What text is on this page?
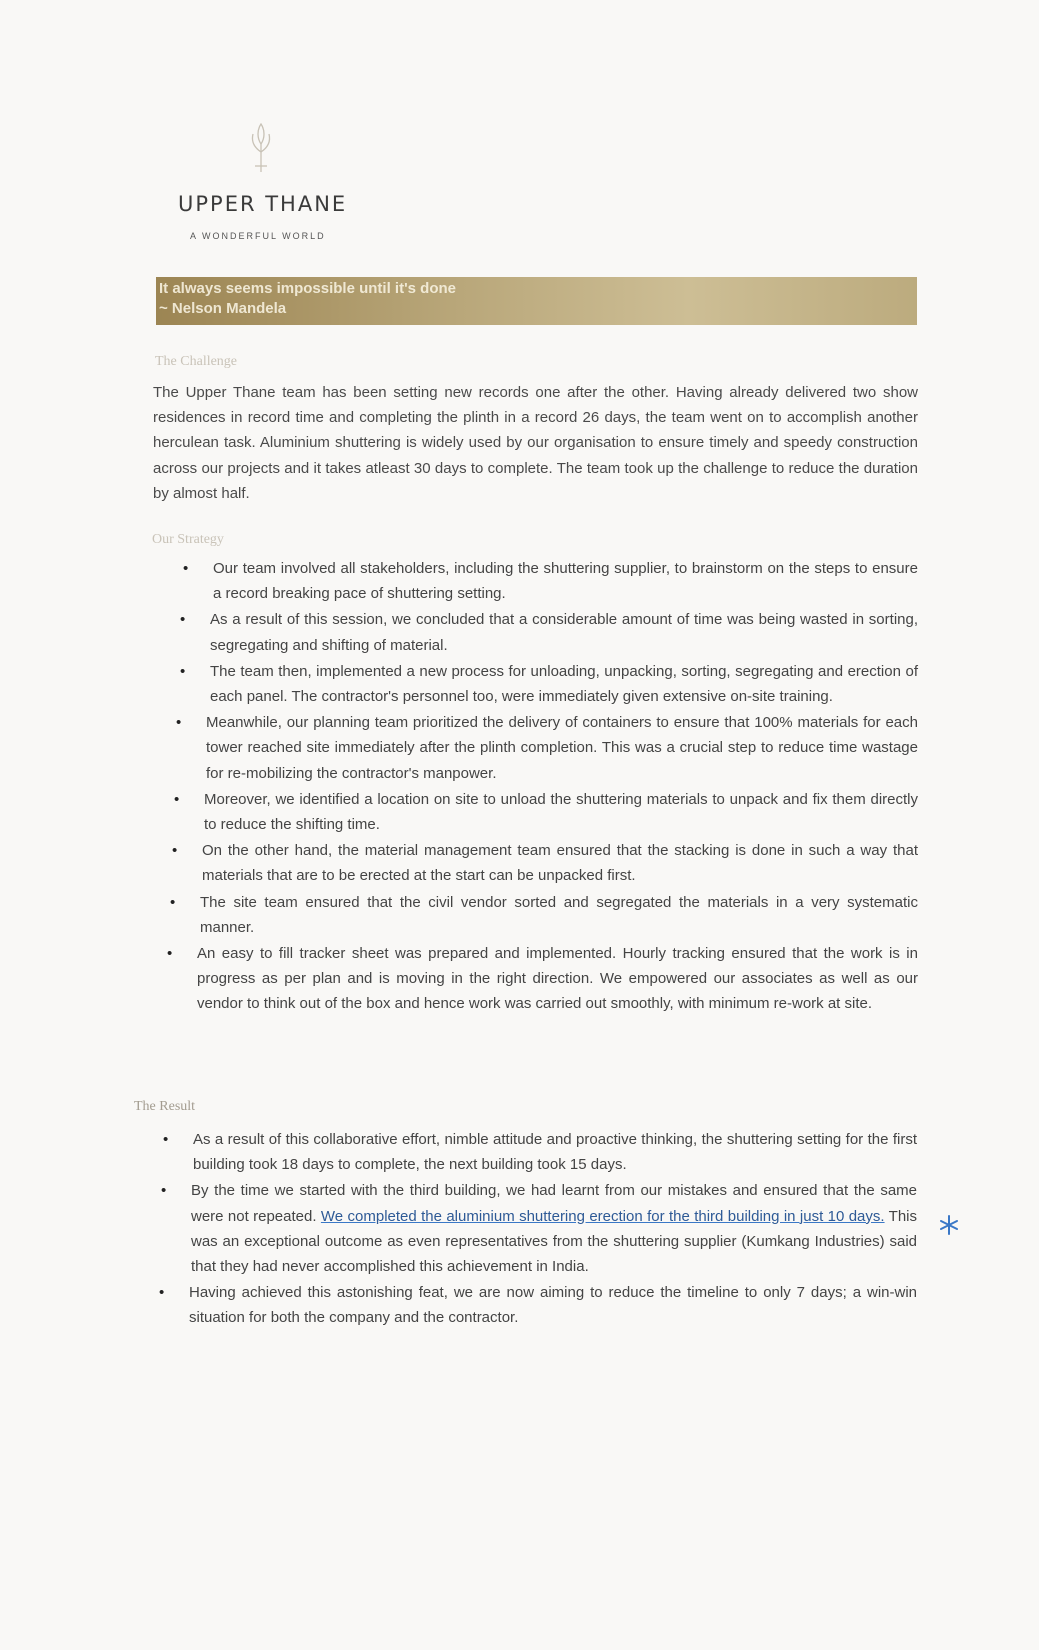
UPPER THANE
A WONDERFUL WORLD
It always seems impossible until it's done
~ Nelson Mandela
The Challenge
The Upper Thane team has been setting new records one after the other. Having already delivered two show residences in record time and completing the plinth in a record 26 days, the team went on to accomplish another herculean task. Aluminium shuttering is widely used by our organisation to ensure timely and speedy construction across our projects and it takes atleast 30 days to complete. The team took up the challenge to reduce the duration by almost half.
Our Strategy
• Our team involved all stakeholders, including the shuttering supplier, to brainstorm on the steps to ensure a record breaking pace of shuttering setting.
• As a result of this session, we concluded that a considerable amount of time was being wasted in sorting, segregating and shifting of material.
• The team then, implemented a new process for unloading, unpacking, sorting, segregating and erection of each panel. The contractor's personnel too, were immediately given extensive on-site training.
• Meanwhile, our planning team prioritized the delivery of containers to ensure that 100% materials for each tower reached site immediately after the plinth completion. This was a crucial step to reduce time wastage for re-mobilizing the contractor's manpower.
• Moreover, we identified a location on site to unload the shuttering materials to unpack and fix them directly to reduce the shifting time.
• On the other hand, the material management team ensured that the stacking is done in such a way that materials that are to be erected at the start can be unpacked first.
• The site team ensured that the civil vendor sorted and segregated the materials in a very systematic manner.
• An easy to fill tracker sheet was prepared and implemented. Hourly tracking ensured that the work is in progress as per plan and is moving in the right direction. We empowered our associates as well as our vendor to think out of the box and hence work was carried out smoothly, with minimum re-work at site.
The Result
• As a result of this collaborative effort, nimble attitude and proactive thinking, the shuttering setting for the first building took 18 days to complete, the next building took 15 days.
• By the time we started with the third building, we had learnt from our mistakes and ensured that the same were not repeated. We completed the aluminium shuttering erection for the third building in just 10 days. This was an exceptional outcome as even representatives from the shuttering supplier (Kumkang Industries) said that they had never accomplished this achievement in India.
• Having achieved this astonishing feat, we are now aiming to reduce the timeline to only 7 days; a win-win situation for both the company and the contractor.
